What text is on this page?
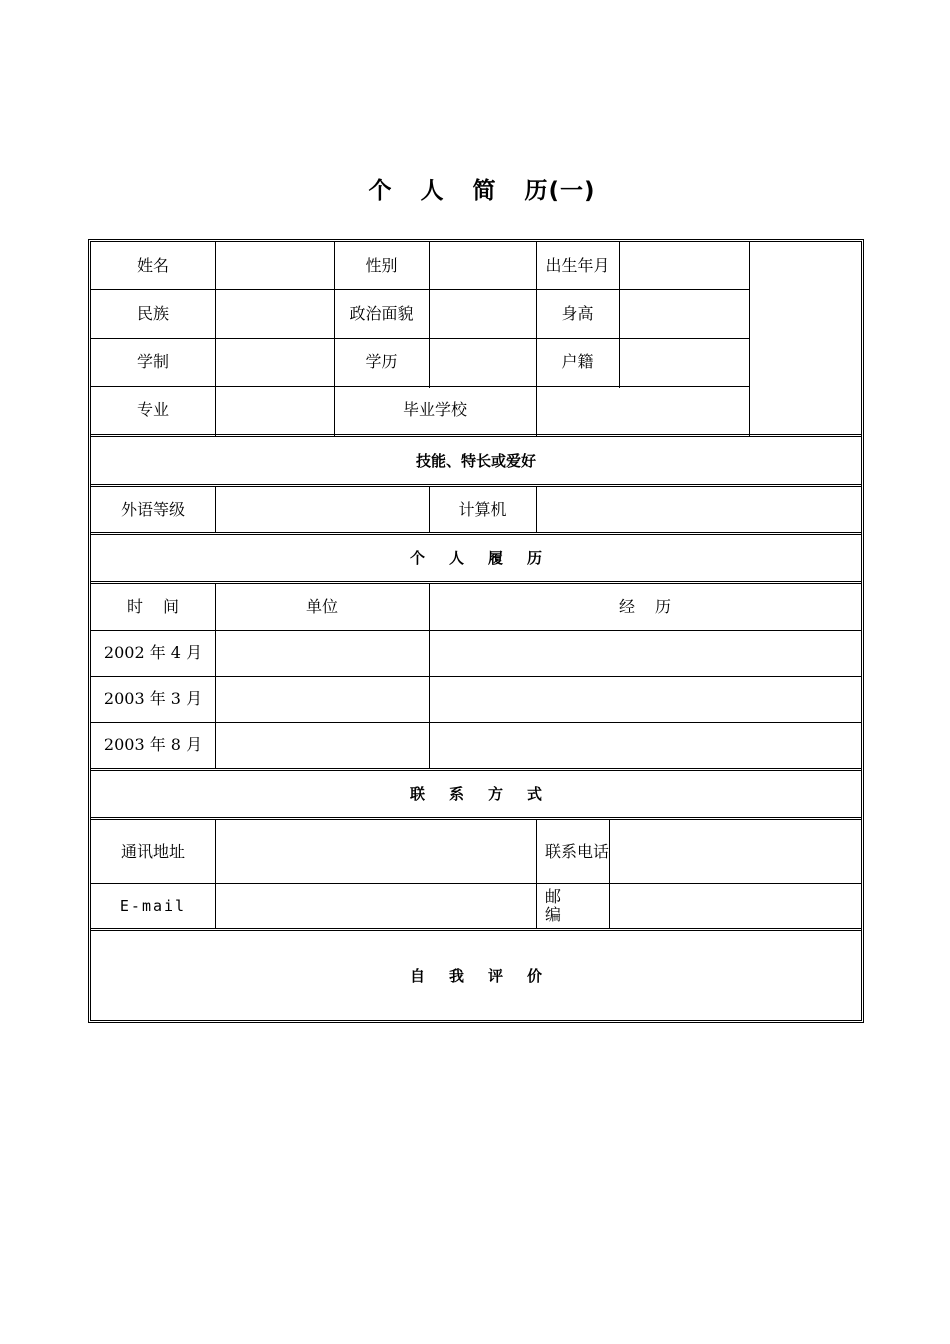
个 人 简 历(一)
姓名	性别	出生年月
民族	政治面貌	身高
学制	学历	户籍
专业	毕业学校
技能、特长或爱好
外语等级	计算机
个 人 履 历
时 间	单位	经 历
2002 年 4 月
2003 年 3 月
2003 年 8 月
联 系 方 式
通讯地址	联系电话
E-mail	邮编
自 我 评 价
